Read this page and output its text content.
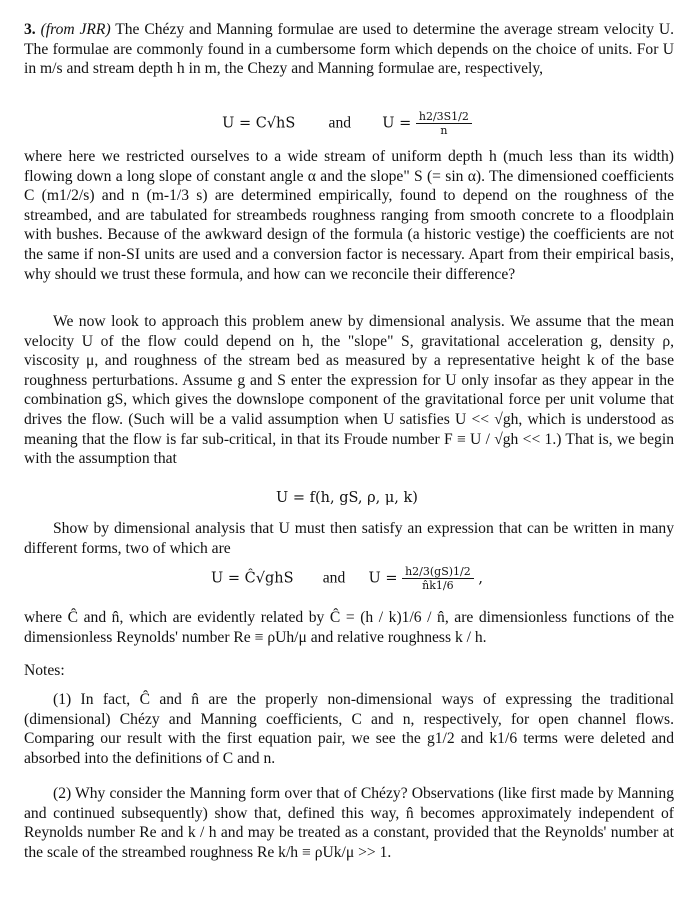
3. (from JRR) The Chézy and Manning formulae are used to determine the average stream velocity U. The formulae are commonly found in a cumbersome form which depends on the choice of units. For U in m/s and stream depth h in m, the Chezy and Manning formulae are, respectively,

U = C√hS and $U = \frac{h2/3S1/2}{n}$

where here we restricted ourselves to a wide stream of uniform depth h (much less than its width) flowing down a long slope of constant angle α and the slope" S (= sin α). The dimensioned coefficients C (m1/2/s) and n (m-1/3 s) are determined empirically, found to depend on the roughness of the streambed, and are tabulated for streambeds roughness ranging from smooth concrete to a floodplain with bushes. Because of the awkward design of the formula (a historic vestige) the coefficients are not the same if non-SI units are used and a conversion factor is necessary. Apart from their empirical basis, why should we trust these formula, and how can we reconcile their difference?

We now look to approach this problem anew by dimensional analysis. We assume that the mean velocity U of the flow could depend on h, the "slope" S, gravitational acceleration g, density ρ, viscosity μ, and roughness of the stream bed as measured by a representative height k of the base roughness perturbations. Assume g and S enter the expression for U only insofar as they appear in the combination gS, which gives the downslope component of the gravitational force per unit volume that drives the flow. (Such will be a valid assumption when U satisfies U << √gh, which is understood as meaning that the flow is far sub-critical, in that its Froude number F ≡ U / √gh << 1.) That is, we begin with the assumption that

U = f(h, gS, ρ, μ, k)

Show by dimensional analysis that U must then satisfy an expression that can be written in many different forms, two of which are

U = Ĉ√ghS and $U = \frac{h2/3(gS)1/2}{n̂k1/6}$ ,

where Ĉ and n̂, which are evidently related by Ĉ = (h / k)1/6 / n̂, are dimensionless functions of the dimensionless Reynolds' number Re ≡ ρUh/μ and relative roughness k / h.

Notes:

(1) In fact, Ĉ and n̂ are the properly non-dimensional ways of expressing the traditional (dimensional) Chézy and Manning coefficients, C and n, respectively, for open channel flows. Comparing our result with the first equation pair, we see the g1/2 and k1/6 terms were deleted and absorbed into the definitions of C and n.

(2) Why consider the Manning form over that of Chézy? Observations (like first made by Manning and continued subsequently) show that, defined this way, n̂ becomes approximately independent of Reynolds number Re and k / h and may be treated as a constant, provided that the Reynolds' number at the scale of the streambed roughness Re k/h ≡ ρUk/μ >> 1.
